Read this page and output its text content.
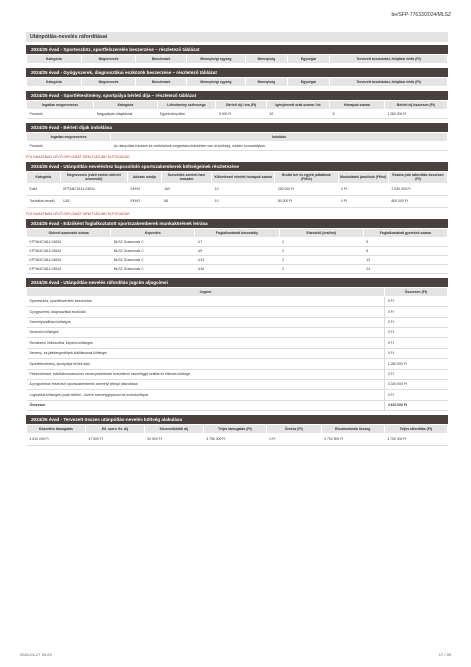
be/SFP-77633/2024/MLSZ
Utánpótlás-nevelés ráfordításai
2024/25 évad - Sporteszköz, sportfelszerelés beszerzése – részletező táblázat
Kategória	Megnevezés	Benchmark	Mennyiségi egység	Mennyiség	Egységár	Tervezett beruházási, felújítási érték (Ft)
2024/25 évad - Gyógyszerek, diagnosztikai eszközök beszerzése – részletező táblázat
Kategória	Megnevezés	Benchmark	Mennyiségi egység	Mennyiség	Egységár	Tervezett beruházási, felújítási érték (Ft)
2024/25 évad - Sportlétesítmény, sportpálya bérleti díja – részletező táblázat
Ingatlan megnevezése	Kategória	Létesítmény szélessége	Bérleti díj / óra (Ft)	Igénybevett órák száma / hó	Hónapok száma	Bérleti díj összesen (Ft)
Porozsló	Nagypályás világítással	Egyéb települési	5 000 Ft	32	8	1 280 000 Ft
2024/25 évad - Bérleti díjak indoklása
Ingatlan megnevezése	Indoklás
Porozsló	Az utánpótlás edzések és mérkőzések megtartása érdekében van rá szükség, minden korosztályban.
FOLYAMATBAN LÉVŐ DIPLOMÁT NEM TUDUNK ELFOGADNI!
2024/25 évad - Utánpótlás-neveléshez kapcsolódó sportszakemberek költségeinek részletezése
Kategória	Megnevezés (edző esetén oklevél azonosító)	Adózás módja	Szerződés szerinti havi óraszám	Kifizetéssel érintett hónapok száma	Bruttó bér és egyéb juttatások (Ft/hó)	Munkáltatói járulékok (Ft/hó)	Évadra jutó ráfordítás összesen (Ft)
Edző	KPTANC1814-03634	EKHO	160	10	253 000 Ft	0 Ft	2 530 000 Ft
Technikai vezető	U18	EKHO	68	10	80 000 Ft	0 Ft	800 000 Ft
FOLYAMATBAN LÉVŐ DIPLOMÁT NEM TUDUNK ELFOGADNI!
2024/25 évad - Edzőként foglalkoztatott sportszakemberek munkakörének leírása
Oklevél azonosító száma	Képesítés	Foglalkoztatott korosztály	Edzésidő (óra/hét)	Foglalkoztatott gyerekek száma
KPTANC1814-03634	MLSZ Grassroots C	U7	2	5
KPTANC1814-03634	MLSZ Grassroots C	U9	2	8
KPTANC1814-03634	MLSZ Grassroots C	U13	2	13
KPTANC1814-03634	MLSZ Grassroots C	U16	2	24
2024/25 évad - Utánpótlás-nevelés ráfordítás jogcím aljogcímei
Jogcím	Összesen (Ft)
Sporteszköz, sportfelszerelés beszerzése	0 Ft
Gyógyszerek, diagnosztikai eszközök	0 Ft
Személyszállítási költségek	0 Ft
Nevezési költségek	0 Ft
Rendezési, felkészítési, képzési költségek	0 Ft
Verseny- és játékengedélyek kiállításának költségei	0 Ft
Sportlétesítmény, sportpálya bérleti díjai	1 280 000 Ft
Felkészítéssel, edzőtáborozással és versenyeztetéssel közvetlenül összefüggő szállás és étkezés költsége	0 Ft
A programban résztvevő sportszakemberek személyi jellegű ráfordításai	3 330 000 Ft
Logisztikai költségek (csak belföld – kivéve személygépkocsi ba motorkerékpár	0 Ft
Összesen	4 610 000 Ft
2024/25 évad - Tervezett összes utánpótlás-nevelés költség alakulása
Közvetlen támogatás	Ell. szerv. fiz. díj	Közreműködői díj	Teljes támogatás (Ft)	Önrész (Ft)	Elszámolandó összeg	Teljes ráfordítás (Ft)
4 610 000 Ft	47 500 Ft	92 500 Ft	4 750 000 Ft	0 Ft	4 702 500 Ft	4 750 000 Ft
2024-02-27 20:23	17 / 39
